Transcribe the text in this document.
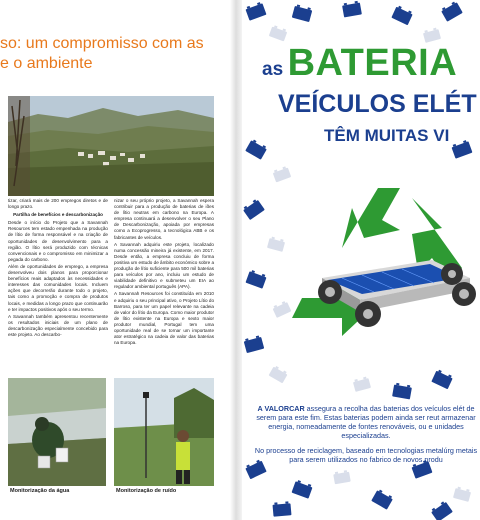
so: um compromisso com as
e o ambiente

tizar, criará mais de 200 empregos diretos e de longo prazo.

Partilha de benefícios e descarbonização

Desde o início do Projeto que a Savannah Resources tem estado empenhada na produção de lítio de forma responsável e na criação de oportunidades de desenvolvimento para a região. O lítio será produzido com técnicas convencionais e o compromisso em minimizar a pegada do carbono.

Além de oportunidades de emprego, a empresa desenvolveu dois planos para proporcionar benefícios reais adaptados às necessidades e interesses das comunidades locais. Incluem ações que decorrerão durante todo o projeto, tais como a promoção e compra de produtos locais, e medidas a longo prazo que continuarão e ter impactos positivos após o seu termo.

A Savannah também apresentou recentemente os resultados iniciais de um plano de descarbonização especialmente concebido para este projeto. Ao descarbo-

nizar o seu próprio projeto, a Savannah espera contribuir para a produção de baterias de iões de lítio neutras em carbono na Europa. A empresa continuará a desenvolver o seu Plano de Descarbonização, apoiada por empresas como a Ecoprogresso, a tecnológica ABB e os fabricantes de veículos.

A Savannah adquiriu este projeto, localizado numa concessão mineira já existente, em 2017. Desde então, a empresa concluiu de forma positiva um estudo de âmbito económico sobre a produção de lítio suficiente para 500 mil baterias para veículos por ano, incluiu um estudo de viabilidade definitivo e submeteu um EIA ao regulador ambiental português (APA).

A Savannah Resources foi constituída em 2010 e adquiriu o seu principal ativo, o Projeto Lítio do Barroso, para ter um papel relevante na cadeia de valor do lítio da Europa. Como maior produtor de lítio existente na Europa e sexto maior produtor mundial, Portugal tem uma oportunidade real de se tornar um importante ator estratégico na cadeia de valor das baterias na Europa.

Monitorização da água	Monitorização de ruído
as BATERIA
VEÍCULOS ELÉT
TÊM MUITAS VI

A VALORCAR assegura a recolha das baterias dos veículos elét de serem para este fim. Estas baterias podem ainda ser reut armazenar energia, nomeadamente de fontes renováveis, ou e unidades especializadas.

No processo de reciclagem, baseado em tecnologias metalúrg metais para serem utilizados no fabrico de novos produ
